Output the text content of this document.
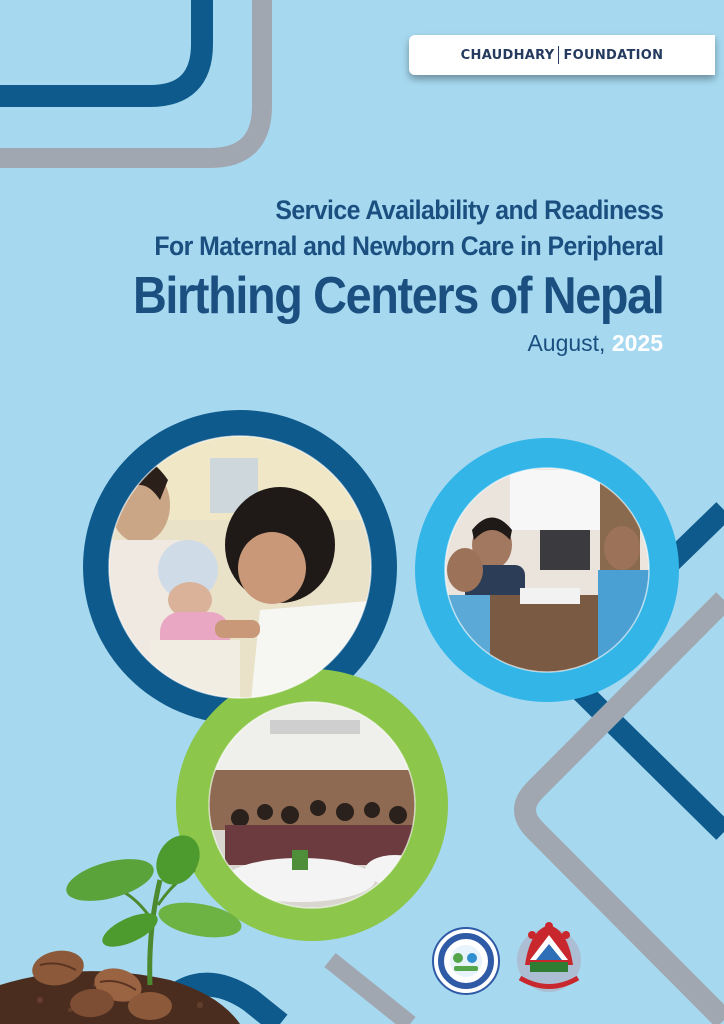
CHAUDHARY FOUNDATION
Service Availability and Readiness
For Maternal and Newborn Care in Peripheral
Birthing Centers of Nepal
August, 2025
